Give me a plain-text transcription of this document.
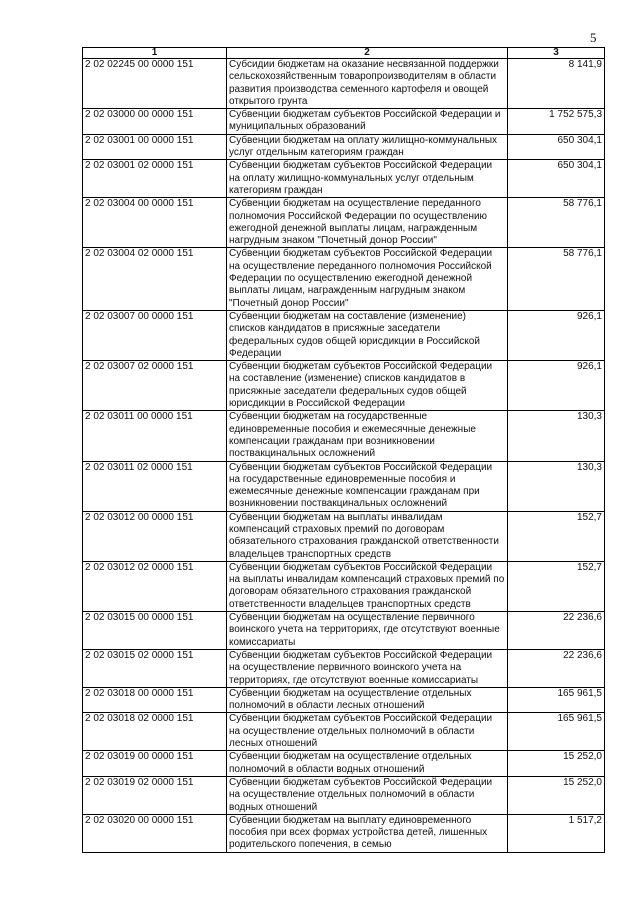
5
1	2	3
2 02 02245 00 0000 151	Субсидии бюджетам на оказание несвязанной поддержки сельскохозяйственным товаропроизводителям в области развития производства семенного картофеля и овощей открытого грунта	8 141,9
2 02 03000 00 0000 151	Субвенции бюджетам субъектов Российской Федерации и муниципальных образований	1 752 575,3
2 02 03001 00 0000 151	Субвенции бюджетам на оплату жилищно-коммунальных услуг отдельным категориям граждан	650 304,1
2 02 03001 02 0000 151	Субвенции бюджетам субъектов Российской Федерации на оплату жилищно-коммунальных услуг отдельным категориям граждан	650 304,1
2 02 03004 00 0000 151	Субвенции бюджетам на осуществление переданного полномочия Российской Федерации по осуществлению ежегодной денежной выплаты лицам, награжденным нагрудным знаком "Почетный донор России"	58 776,1
2 02 03004 02 0000 151	Субвенции бюджетам субъектов Российской Федерации на осуществление переданного полномочия Российской Федерации по осуществлению ежегодной денежной выплаты лицам, награжденным нагрудным знаком "Почетный донор России"	58 776,1
2 02 03007 00 0000 151	Субвенции бюджетам на составление (изменение) списков кандидатов в присяжные заседатели федеральных судов общей юрисдикции в Российской Федерации	926,1
2 02 03007 02 0000 151	Субвенции бюджетам субъектов Российской Федерации на составление (изменение) списков кандидатов в присяжные заседатели федеральных судов общей юрисдикции в Российской Федерации	926,1
2 02 03011 00 0000 151	Субвенции бюджетам на государственные единовременные пособия и ежемесячные денежные компенсации гражданам при возникновении поствакцинальных осложнений	130,3
2 02 03011 02 0000 151	Субвенции бюджетам субъектов Российской Федерации на государственные единовременные пособия и ежемесячные денежные компенсации гражданам при возникновении поствакцинальных осложнений	130,3
2 02 03012 00 0000 151	Субвенции бюджетам на выплаты инвалидам компенсаций страховых премий по договорам обязательного страхования гражданской ответственности владельцев транспортных средств	152,7
2 02 03012 02 0000 151	Субвенции бюджетам субъектов Российской Федерации на выплаты инвалидам компенсаций страховых премий по договорам обязательного страхования гражданской ответственности владельцев транспортных средств	152,7
2 02 03015 00 0000 151	Субвенции бюджетам на осуществление первичного воинского учета на территориях, где отсутствуют военные комиссариаты	22 236,6
2 02 03015 02 0000 151	Субвенции бюджетам субъектов Российской Федерации на осуществление первичного воинского учета на территориях, где отсутствуют военные комиссариаты	22 236,6
2 02 03018 00 0000 151	Субвенции бюджетам на осуществление отдельных полномочий в области лесных отношений	165 961,5
2 02 03018 02 0000 151	Субвенции бюджетам субъектов Российской Федерации на осуществление отдельных полномочий в области лесных отношений	165 961,5
2 02 03019 00 0000 151	Субвенции бюджетам на осуществление отдельных полномочий в области водных отношений	15 252,0
2 02 03019 02 0000 151	Субвенции бюджетам субъектов Российской Федерации на осуществление отдельных полномочий в области водных отношений	15 252,0
2 02 03020 00 0000 151	Субвенции бюджетам на выплату единовременного пособия при всех формах устройства детей, лишенных родительского попечения, в семью	1 517,2
